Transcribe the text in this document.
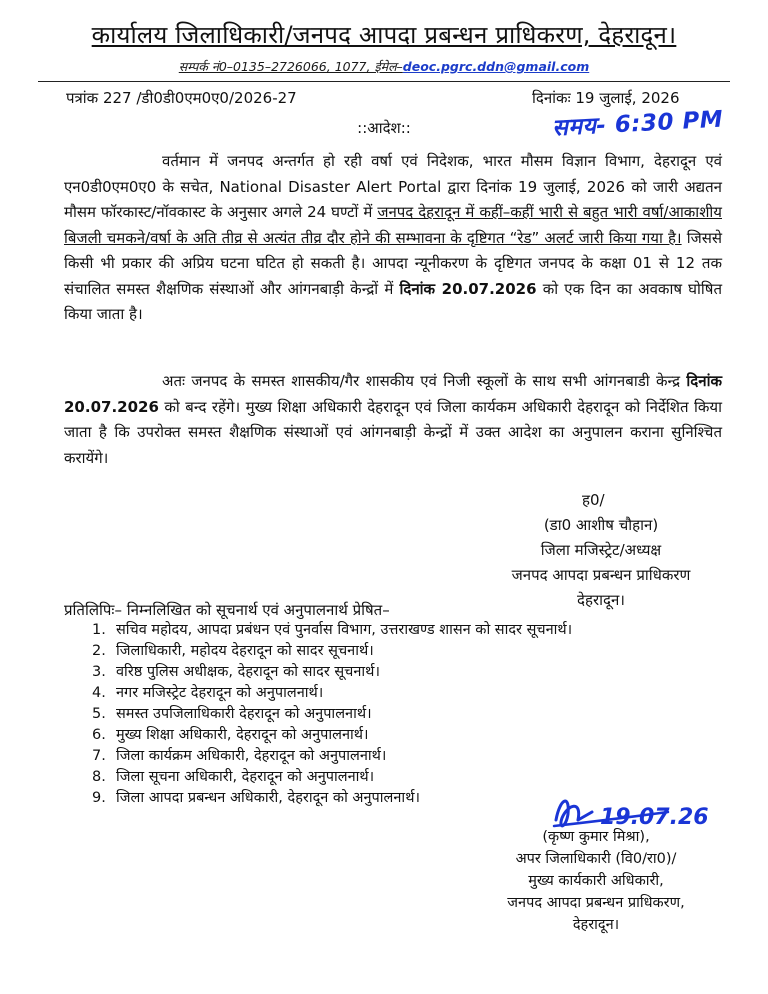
कार्यालय जिलाधिकारी/जनपद आपदा प्रबन्धन प्राधिकरण, देहरादून।
सम्पर्क नं0–0135–2726066, 1077, ईमेल–deoc.pgrc.ddn@gmail.com
पत्रांक 227 /डी0डी0एम0ए0/2026-27	दिनांकः 19 जुलाई, 2026
::आदेश::	समय- 6:30 PM
वर्तमान में जनपद अन्तर्गत हो रही वर्षा एवं निदेशक, भारत मौसम विज्ञान विभाग, देहरादून एवं एन0डी0एम0ए0 के सचेत, National Disaster Alert Portal द्वारा दिनांक 19 जुलाई, 2026 को जारी अद्यतन मौसम फॉरकास्ट/नॉवकास्ट के अनुसार अगले 24 घण्टों में जनपद देहरादून में कहीं–कहीं भारी से बहुत भारी वर्षा/आकाशीय बिजली चमकने/वर्षा के अति तीव्र से अत्यंत तीव्र दौर होने की सम्भावना के दृष्टिगत “रेड” अलर्ट जारी किया गया है। जिससे किसी भी प्रकार की अप्रिय घटना घटित हो सकती है। आपदा न्यूनीकरण के दृष्टिगत जनपद के कक्षा 01 से 12 तक संचालित समस्त शैक्षणिक संस्थाओं और आंगनबाड़ी केन्द्रों में दिनांक 20.07.2026 को एक दिन का अवकाष घोषित किया जाता है।
अतः जनपद के समस्त शासकीय/गैर शासकीय एवं निजी स्कूलों के साथ सभी आंगनबाडी केन्द्र दिनांक 20.07.2026 को बन्द रहेंगे। मुख्य शिक्षा अधिकारी देहरादून एवं जिला कार्यकम अधिकारी देहरादून को निर्देशित किया जाता है कि उपरोक्त समस्त शैक्षणिक संस्थाओं एवं आंगनबाड़ी केन्द्रों में उक्त आदेश का अनुपालन कराना सुनिश्चित करायेंगे।
ह0/
(डा0 आशीष चौहान)
जिला मजिस्ट्रेट/अध्यक्ष
जनपद आपदा प्रबन्धन प्राधिकरण
देहरादून।
प्रतिलिपिः– निम्नलिखित को सूचनार्थ एवं अनुपालनार्थ प्रेषित–
1. सचिव महोदय, आपदा प्रबंधन एवं पुनर्वास विभाग, उत्तराखण्ड शासन को सादर सूचनार्थ।
2. जिलाधिकारी, महोदय देहरादून को सादर सूचनार्थ।
3. वरिष्ठ पुलिस अधीक्षक, देहरादून को सादर सूचनार्थ।
4. नगर मजिस्ट्रेट देहरादून को अनुपालनार्थ।
5. समस्त उपजिलाधिकारी देहरादून को अनुपालनार्थ।
6. मुख्य शिक्षा अधिकारी, देहरादून को अनुपालनार्थ।
7. जिला कार्यक्रम अधिकारी, देहरादून को अनुपालनार्थ।
8. जिला सूचना अधिकारी, देहरादून को अनुपालनार्थ।
9. जिला आपदा प्रबन्धन अधिकारी, देहरादून को अनुपालनार्थ।
19.07.26
(कृष्ण कुमार मिश्रा),
अपर जिलाधिकारी (वि0/रा0)/
मुख्य कार्यकारी अधिकारी,
जनपद आपदा प्रबन्धन प्राधिकरण,
देहरादून।
